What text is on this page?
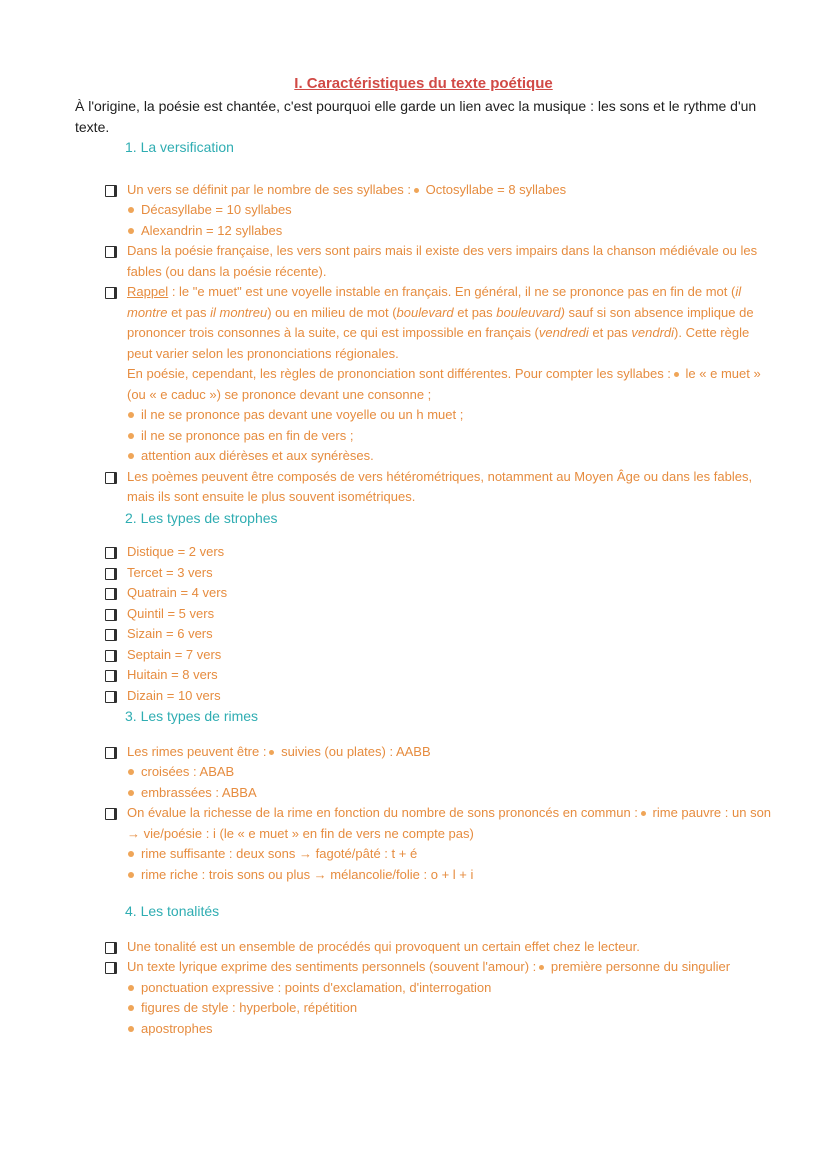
I. Caractéristiques du texte poétique
À l'origine, la poésie est chantée, c'est pourquoi elle garde un lien avec la musique : les sons et le rythme d'un texte.
1. La versification
Un vers se définit par le nombre de ses syllabes : Octosyllabe = 8 syllabes
Décasyllabe = 10 syllabes
Alexandrin = 12 syllabes
Dans la poésie française, les vers sont pairs mais il existe des vers impairs dans la chanson médiévale ou les fables (ou dans la poésie récente).
Rappel : le "e muet" est une voyelle instable en français. En général, il ne se prononce pas en fin de mot (il montre et pas il montreu) ou en milieu de mot (boulevard et pas bouleuvard) sauf si son absence implique de prononcer trois consonnes à la suite, ce qui est impossible en français (vendredi et pas vendrdi). Cette règle peut varier selon les prononciations régionales.
En poésie, cependant, les règles de prononciation sont différentes. Pour compter les syllabes : le « e muet » (ou « e caduc ») se prononce devant une consonne ;
il ne se prononce pas devant une voyelle ou un h muet ;
il ne se prononce pas en fin de vers ;
attention aux diérèses et aux synérèses.
Les poèmes peuvent être composés de vers hétérométriques, notamment au Moyen Âge ou dans les fables, mais ils sont ensuite le plus souvent isométriques.
2. Les types de strophes
Distique = 2 vers
Tercet = 3 vers
Quatrain = 4 vers
Quintil = 5 vers
Sizain = 6 vers
Septain = 7 vers
Huitain = 8 vers
Dizain = 10 vers
3. Les types de rimes
Les rimes peuvent être : suivies (ou plates) : AABB
croisées : ABAB
embrassées : ABBA
On évalue la richesse de la rime en fonction du nombre de sons prononcés en commun : rime pauvre : un son → vie/poésie : i (le « e muet » en fin de vers ne compte pas)
rime suffisante : deux sons → fagoté/pâté : t + é
rime riche : trois sons ou plus → mélancolie/folie : o + l + i
4. Les tonalités
Une tonalité est un ensemble de procédés qui provoquent un certain effet chez le lecteur.
Un texte lyrique exprime des sentiments personnels (souvent l'amour) : première personne du singulier
ponctuation expressive : points d'exclamation, d'interrogation
figures de style : hyperbole, répétition
apostrophes
